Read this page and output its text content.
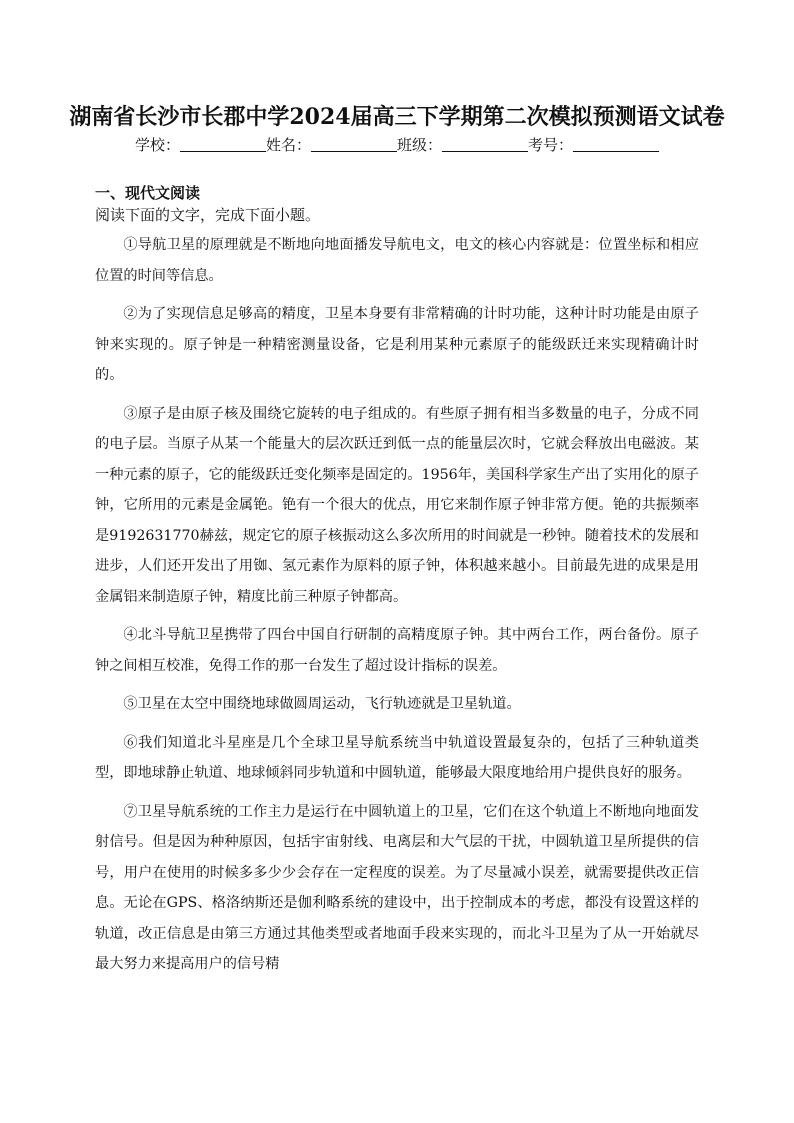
湖南省长沙市长郡中学2024届高三下学期第二次模拟预测语文试卷
学校：	姓名：	班级：	考号：
一、现代文阅读
阅读下面的文字，完成下面小题。

①导航卫星的原理就是不断地向地面播发导航电文，电文的核心内容就是：位置坐标和相应位置的时间等信息。

②为了实现信息足够高的精度，卫星本身要有非常精确的计时功能，这种计时功能是由原子钟来实现的。原子钟是一种精密测量设备，它是利用某种元素原子的能级跃迁来实现精确计时的。

③原子是由原子核及围绕它旋转的电子组成的。有些原子拥有相当多数量的电子，分成不同的电子层。当原子从某一个能量大的层次跃迁到低一点的能量层次时，它就会释放出电磁波。某一种元素的原子，它的能级跃迁变化频率是固定的。1956年，美国科学家生产出了实用化的原子钟，它所用的元素是金属铯。铯有一个很大的优点，用它来制作原子钟非常方便。铯的共振频率是9192631770赫兹，规定它的原子核振动这么多次所用的时间就是一秒钟。随着技术的发展和进步，人们还开发出了用铷、氢元素作为原料的原子钟，体积越来越小。目前最先进的成果是用金属铝来制造原子钟，精度比前三种原子钟都高。

④北斗导航卫星携带了四台中国自行研制的高精度原子钟。其中两台工作，两台备份。原子钟之间相互校准，免得工作的那一台发生了超过设计指标的误差。

⑤卫星在太空中围绕地球做圆周运动，飞行轨迹就是卫星轨道。

⑥我们知道北斗星座是几个全球卫星导航系统当中轨道设置最复杂的，包括了三种轨道类型，即地球静止轨道、地球倾斜同步轨道和中圆轨道，能够最大限度地给用户提供良好的服务。

⑦卫星导航系统的工作主力是运行在中圆轨道上的卫星，它们在这个轨道上不断地向地面发射信号。但是因为种种原因，包括宇宙射线、电离层和大气层的干扰，中圆轨道卫星所提供的信号，用户在使用的时候多多少少会存在一定程度的误差。为了尽量减小误差，就需要提供改正信息。无论在GPS、格洛纳斯还是伽利略系统的建设中，出于控制成本的考虑，都没有设置这样的轨道，改正信息是由第三方通过其他类型或者地面手段来实现的，而北斗卫星为了从一开始就尽最大努力来提高用户的信号精
